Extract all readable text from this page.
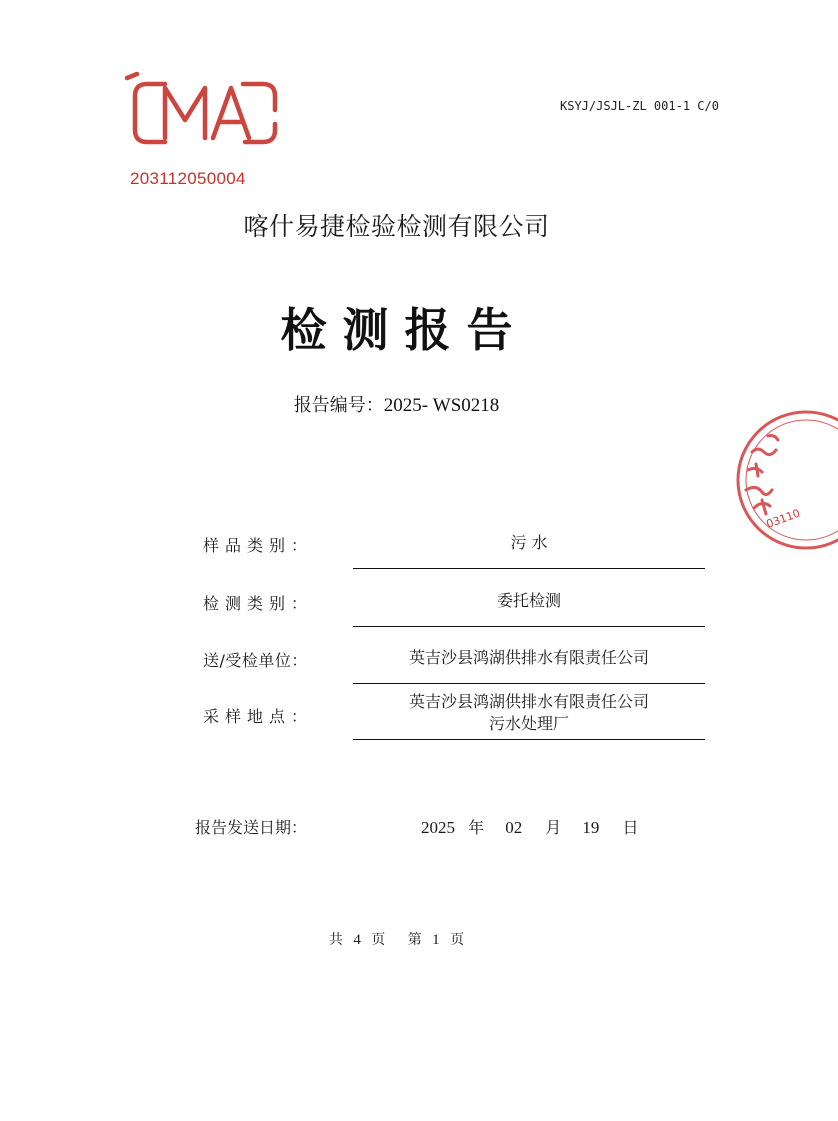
KSYJ/JSJL-ZL 001-1 C/0
203112050004
喀什易捷检验检测有限公司
检测报告
报告编号：2025- WS0218
03110
样品类别：	污 水
检测类别：	委托检测
送/受检单位：	英吉沙县鸿湖供排水有限责任公司
采样地点：
英吉沙县鸿湖供排水有限责任公司
污水处理厂
报告发送日期：	2025 年 02 月 19 日
共 4 页 第 1 页
